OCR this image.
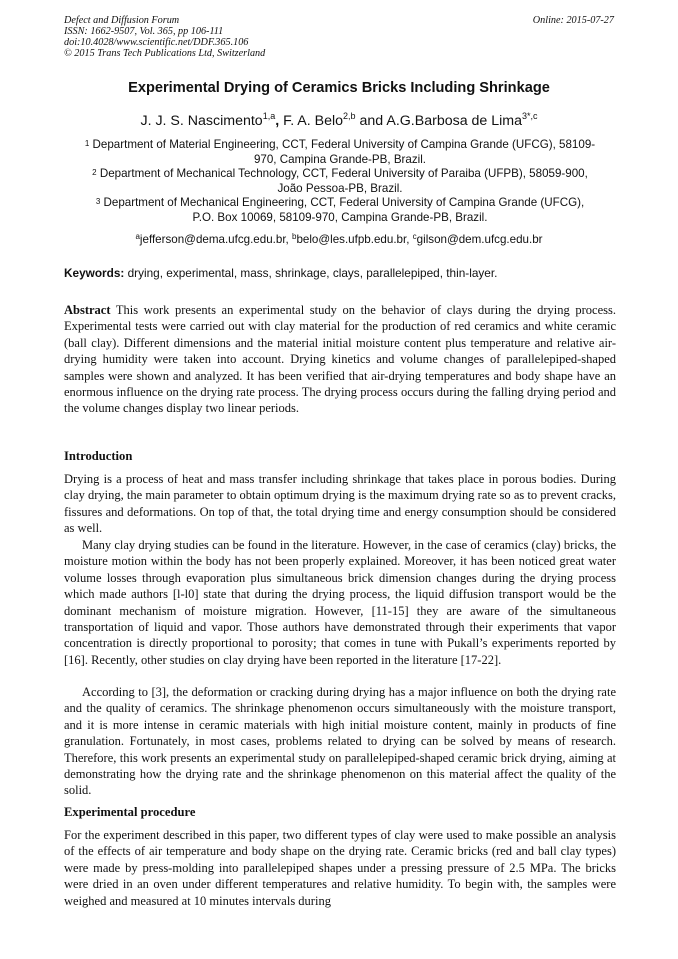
Defect and Diffusion Forum
ISSN: 1662-9507, Vol. 365, pp 106-111
doi:10.4028/www.scientific.net/DDF.365.106
© 2015 Trans Tech Publications Ltd, Switzerland
Online: 2015-07-27
Experimental Drying of Ceramics Bricks Including Shrinkage
J. J. S. Nascimento$^{1,a}$, F. A. Belo$^{2,b}$ and A.G.Barbosa de Lima$^{3*,c}$
$^1$ Department of Material Engineering, CCT, Federal University of Campina Grande (UFCG), 58109-
970, Campina Grande-PB, Brazil.
$^2$ Department of Mechanical Technology, CCT, Federal University of Paraiba (UFPB), 58059-900,
João Pessoa-PB, Brazil.
$^3$ Department of Mechanical Engineering, CCT, Federal University of Campina Grande (UFCG),
P.O. Box 10069, 58109-970, Campina Grande-PB, Brazil.
$^a$jefferson@dema.ufcg.edu.br, $^b$belo@les.ufpb.edu.br, $^c$gilson@dem.ufcg.edu.br
Keywords: drying, experimental, mass, shrinkage, clays, parallelepiped, thin-layer.

Abstract This work presents an experimental study on the behavior of clays during the drying process. Experimental tests were carried out with clay material for the production of red ceramics and white ceramic (ball clay). Different dimensions and the material initial moisture content plus temperature and relative air-drying humidity were taken into account. Drying kinetics and volume changes of parallelepiped-shaped samples were shown and analyzed. It has been verified that air-drying temperatures and body shape have an enormous influence on the drying rate process. The drying process occurs during the falling drying period and the volume changes display two linear periods.

Introduction

Drying is a process of heat and mass transfer including shrinkage that takes place in porous bodies. During clay drying, the main parameter to obtain optimum drying is the maximum drying rate so as to prevent cracks, fissures and deformations. On top of that, the total drying time and energy consumption should be considered as well.

Many clay drying studies can be found in the literature. However, in the case of ceramics (clay) bricks, the moisture motion within the body has not been properly explained. Moreover, it has been noticed great water volume losses through evaporation plus simultaneous brick dimension changes during the drying process which made authors [l-l0] state that during the drying process, the liquid diffusion transport would be the dominant mechanism of moisture migration. However, [11-15] they are aware of the simultaneous transportation of liquid and vapor. Those authors have demonstrated through their experiments that vapor concentration is directly proportional to porosity; that comes in tune with Pukall’s experiments reported by [16]. Recently, other studies on clay drying have been reported in the literature [17-22].

According to [3], the deformation or cracking during drying has a major influence on both the drying rate and the quality of ceramics. The shrinkage phenomenon occurs simultaneously with the moisture transport, and it is more intense in ceramic materials with high initial moisture content, mainly in products of fine granulation. Fortunately, in most cases, problems related to drying can be solved by means of research. Therefore, this work presents an experimental study on parallelepiped-shaped ceramic brick drying, aiming at demonstrating how the drying rate and the shrinkage phenomenon on this material affect the quality of the solid.

Experimental procedure

For the experiment described in this paper, two different types of clay were used to make possible an analysis of the effects of air temperature and body shape on the drying rate. Ceramic bricks (red and ball clay types) were made by press-molding into parallelepiped shapes under a pressing pressure of 2.5 MPa. The bricks were dried in an oven under different temperatures and relative humidity. To begin with, the samples were weighed and measured at 10 minutes intervals during
